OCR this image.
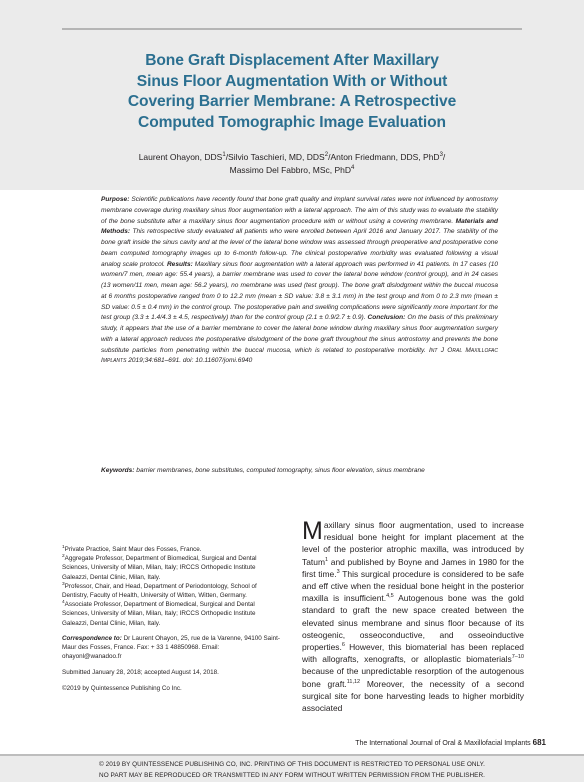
Bone Graft Displacement After Maxillary
Sinus Floor Augmentation With or Without
Covering Barrier Membrane: A Retrospective
Computed Tomographic Image Evaluation
Laurent Ohayon, DDS$^1$/Silvio Taschieri, MD, DDS$^2$/Anton Friedmann, DDS, PhD$^3$/
Massimo Del Fabbro, MSc, PhD$^4$
Purpose: Scientific publications have recently found that bone graft quality and implant survival rates were not influenced by antrostomy membrane coverage during maxillary sinus floor augmentation with a lateral approach. The aim of this study was to evaluate the stability of the bone substitute after a maxillary sinus floor augmentation procedure with or without using a covering membrane. Materials and Methods: This retrospective study evaluated all patients who were enrolled between April 2016 and January 2017. The stability of the bone graft inside the sinus cavity and at the level of the lateral bone window was assessed through preoperative and postoperative cone beam computed tomography images up to 6-month follow-up. The clinical postoperative morbidity was evaluated following a visual analog scale protocol. Results: Maxillary sinus floor augmentation with a lateral approach was performed in 41 patients. In 17 cases (10 women/7 men, mean age: 55.4 years), a barrier membrane was used to cover the lateral bone window (control group), and in 24 cases (13 women/11 men, mean age: 56.2 years), no membrane was used (test group). The bone graft dislodgment within the buccal mucosa at 6 months postoperative ranged from 0 to 12.2 mm (mean ± SD value: 3.8 ± 3.1 mm) in the test group and from 0 to 2.3 mm (mean ± SD value: 0.5 ± 0.4 mm) in the control group. The postoperative pain and swelling complications were significantly more important for the test group (3.3 ± 1.4/4.3 ± 4.5, respectively) than for the control group (2.1 ± 0.9/2.7 ± 0.9). Conclusion: On the basis of this preliminary study, it appears that the use of a barrier membrane to cover the lateral bone window during maxillary sinus floor augmentation surgery with a lateral approach reduces the postoperative dislodgment of the bone graft throughout the sinus antrostomy and prevents the bone substitute particles from penetrating within the buccal mucosa, which is related to postoperative morbidity. Int J Oral Maxillofac Implants 2019;34:681–691. doi: 10.11607/jomi.6940
Keywords: barrier membranes, bone substitutes, computed tomography, sinus floor elevation, sinus membrane
$^1$Private Practice, Saint Maur des Fosses, France.
$^2$Aggregate Professor, Department of Biomedical, Surgical and Dental Sciences, University of Milan, Milan, Italy; IRCCS Orthopedic Institute Galeazzi, Dental Clinic, Milan, Italy.
$^3$Professor, Chair, and Head, Department of Periodontology, School of Dentistry, Faculty of Health, University of Witten, Witten, Germany.
$^4$Associate Professor, Department of Biomedical, Surgical and Dental Sciences, University of Milan, Milan, Italy; IRCCS Orthopedic Institute Galeazzi, Dental Clinic, Milan, Italy.
Correspondence to: Dr Laurent Ohayon, 25, rue de la Varenne, 94100 Saint-Maur des Fosses, France. Fax: + 33 1 48850968. Email: ohayonl@wanadoo.fr
Submitted January 28, 2018; accepted August 14, 2018.
©2019 by Quintessence Publishing Co Inc.
Maxillary sinus floor augmentation, used to increase residual bone height for implant placement at the level of the posterior atrophic maxilla, was introduced by Tatum$^1$ and published by Boyne and James in 1980 for the first time.$^3$ This surgical procedure is considered to be safe and eff ctive when the residual bone height in the posterior maxilla is insufficient.$^{4,5}$ Autogenous bone was the gold standard to graft the new space created between the elevated sinus membrane and sinus floor because of its osteogenic, osseoconductive, and osseoinductive properties.$^6$ However, this biomaterial has been replaced with allografts, xenografts, or alloplastic biomaterials$^{7-10}$ because of the unpredictable resorption of the autogenous bone graft.$^{11,12}$ Moreover, the necessity of a second surgical site for bone harvesting leads to higher morbidity associated
The International Journal of Oral & Maxillofacial Implants 681
© 2019 BY QUINTESSENCE PUBLISHING CO, INC. PRINTING OF THIS DOCUMENT IS RESTRICTED TO PERSONAL USE ONLY.
NO PART MAY BE REPRODUCED OR TRANSMITTED IN ANY FORM WITHOUT WRITTEN PERMISSION FROM THE PUBLISHER.
